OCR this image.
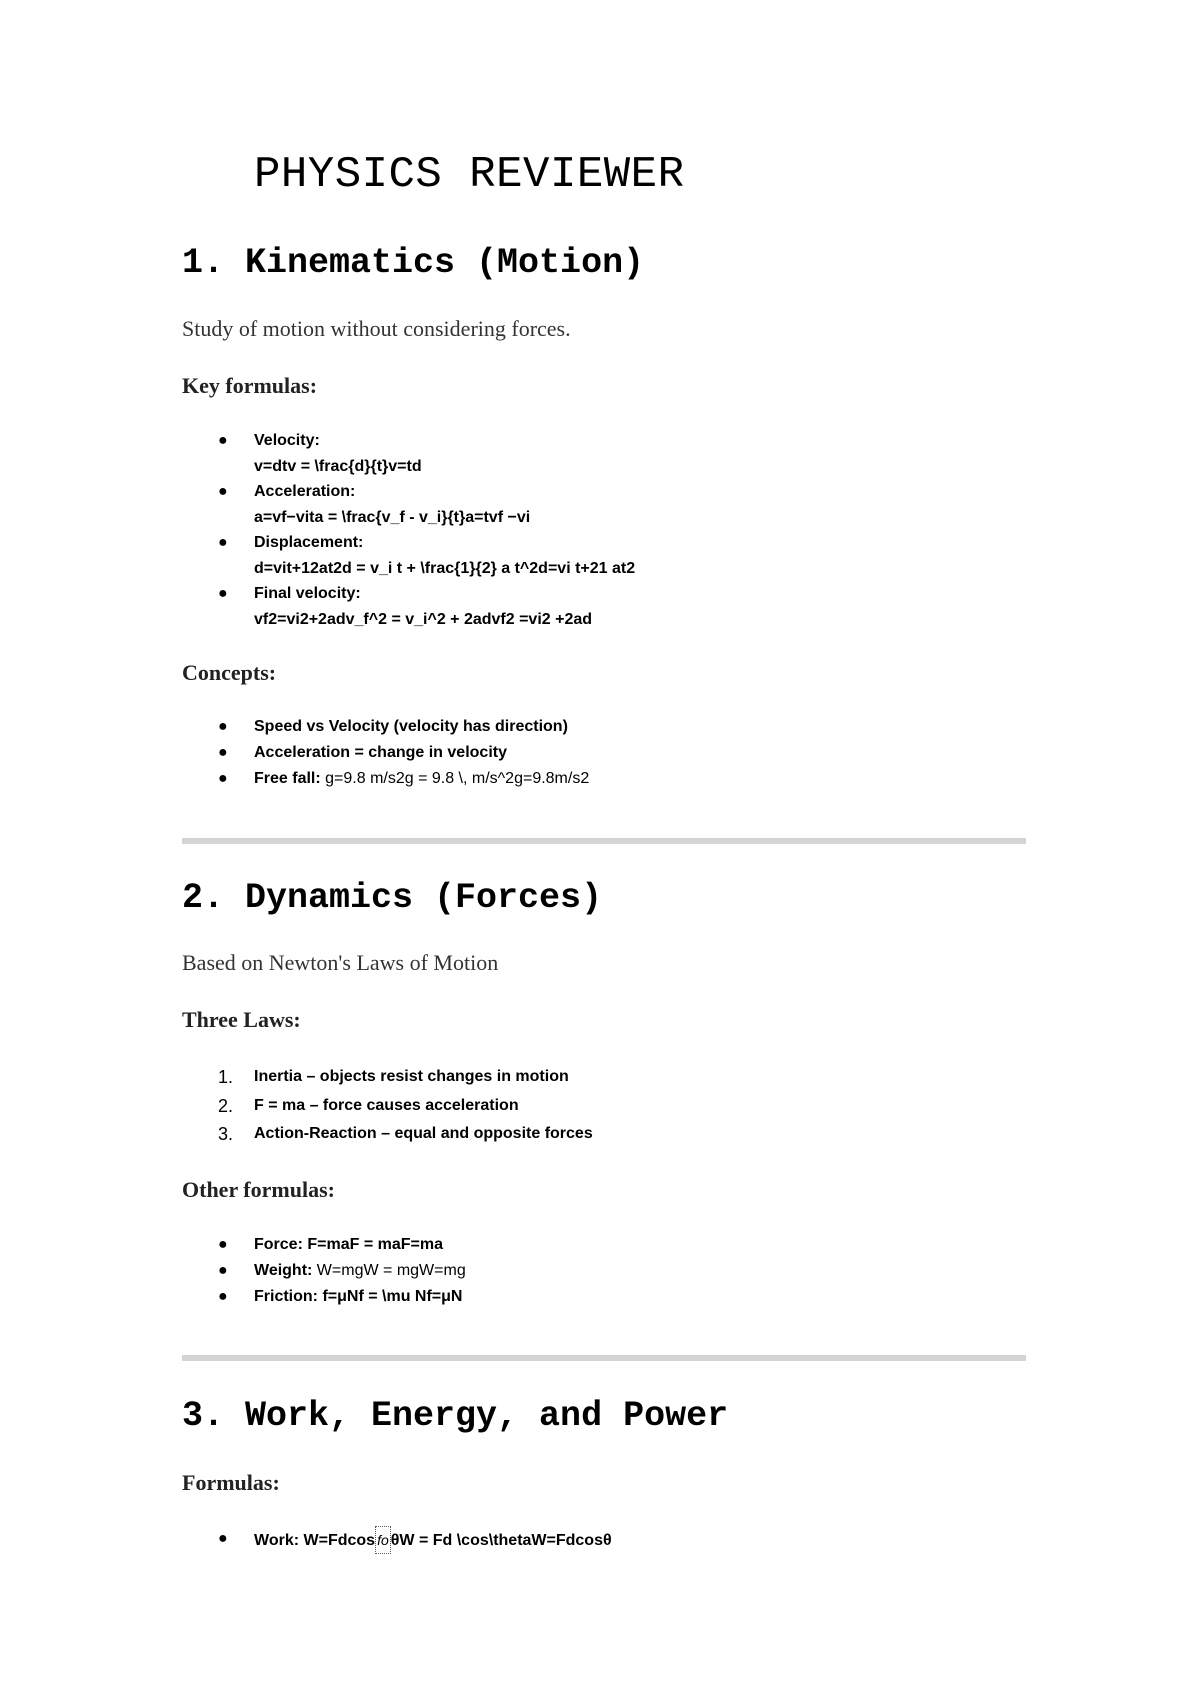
PHYSICS REVIEWER
1. Kinematics (Motion)

Study of motion without considering forces.

Key formulas:

● Velocity:
v=dtv = \frac{d}{t}v=td
● Acceleration:
a=vf−vita = \frac{v_f - v_i}{t}a=tvf −vi
● Displacement:
d=vit+12at2d = v_i t + \frac{1}{2} a t^2d=vi t+21 at2
● Final velocity:
vf2=vi2+2adv_f^2 = v_i^2 + 2advf2 =vi2 +2ad

Concepts:

● Speed vs Velocity (velocity has direction)
● Acceleration = change in velocity
● Free fall: g=9.8 m/s2g = 9.8 \, m/s^2g=9.8m/s2
2. Dynamics (Forces)

Based on Newton's Laws of Motion

Three Laws:

1. Inertia – objects resist changes in motion
2. F = ma – force causes acceleration
3. Action-Reaction – equal and opposite forces

Other formulas:

● Force: F=maF = maF=ma
● Weight: W=mgW = mgW=mg
● Friction: f=μNf = \mu Nf=μN
3. Work, Energy, and Power

Formulas:

● Work: W=Fdcos fo θW = Fd \cos\thetaW=Fdcosθ
